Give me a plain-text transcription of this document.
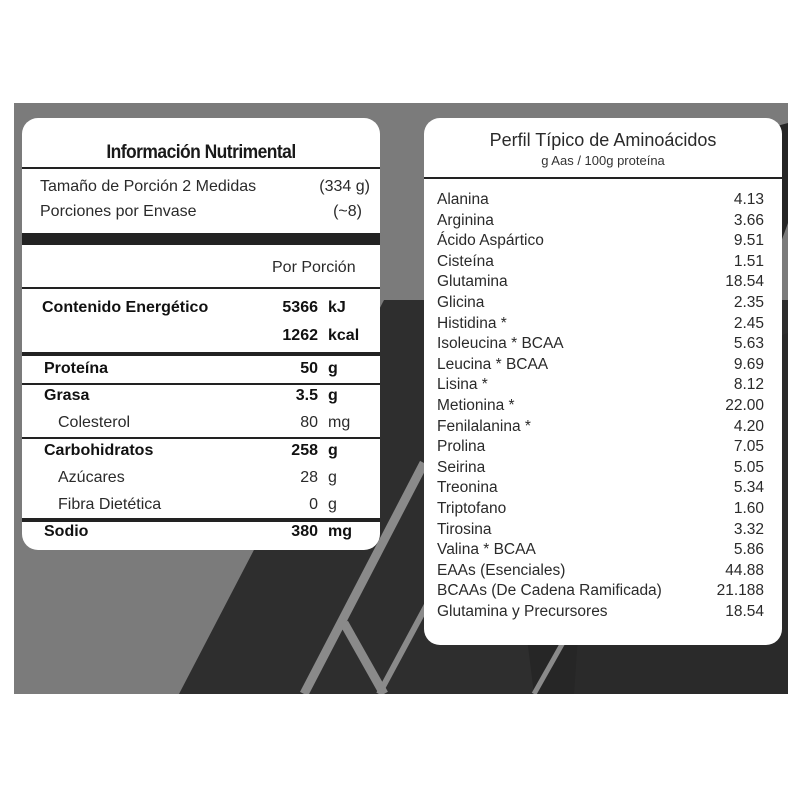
Información Nutrimental
Tamaño de Porción 2 Medidas	(334 g)
Porciones por Envase	(~8)
Por Porción
Contenido Energético	5366 kJ
1262 kcal
Proteína	50 g
Grasa	3.5 g
Colesterol	80 mg
Carbohidratos	258 g
Azúcares	28 g
Fibra Dietética	0 g
Sodio	380 mg
Perfil Típico de Aminoácidos
g Aas / 100g proteína
Alanina	4.13
Arginina	3.66
Ácido Aspártico	9.51
Cisteína	1.51
Glutamina	18.54
Glicina	2.35
Histidina *	2.45
Isoleucina * BCAA	5.63
Leucina * BCAA	9.69
Lisina *	8.12
Metionina *	22.00
Fenilalanina *	4.20
Prolina	7.05
Seirina	5.05
Treonina	5.34
Triptofano	1.60
Tirosina	3.32
Valina * BCAA	5.86
EAAs (Esenciales)	44.88
BCAAs (De Cadena Ramificada)	21.188
Glutamina y Precursores	18.54
